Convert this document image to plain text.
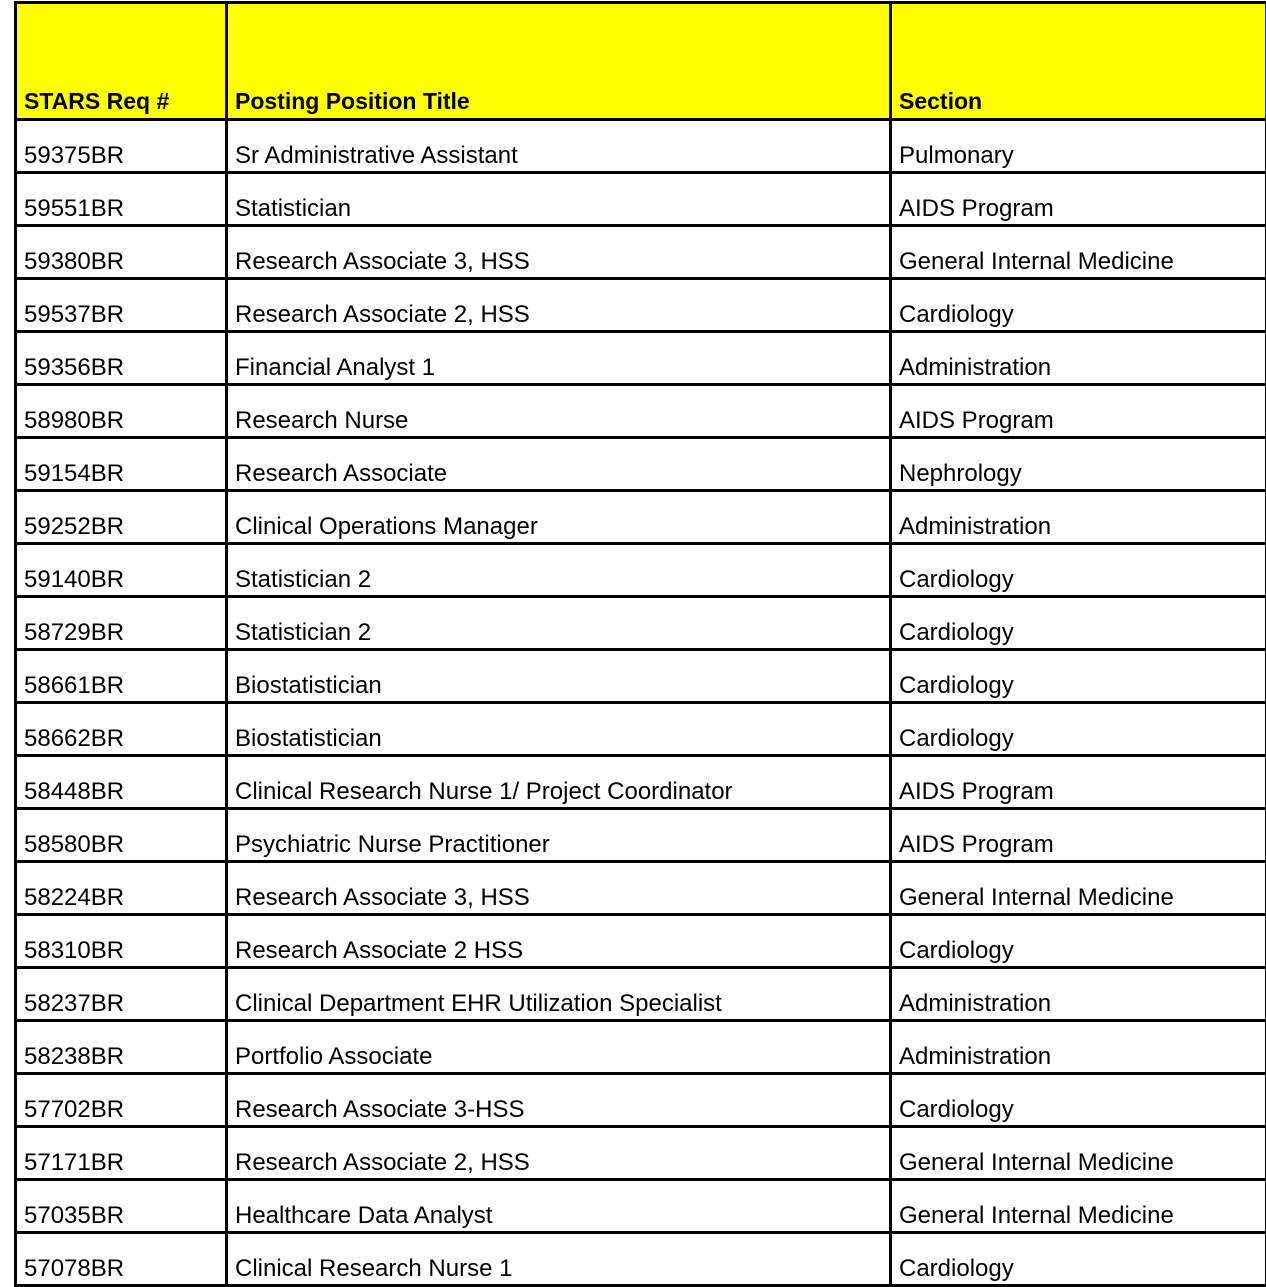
STARS Req #	Posting Position Title	Section
59375BR	Sr Administrative Assistant	Pulmonary
59551BR	Statistician	AIDS Program
59380BR	Research Associate 3, HSS	General Internal Medicine
59537BR	Research Associate 2, HSS	Cardiology
59356BR	Financial Analyst 1	Administration
58980BR	Research Nurse	AIDS Program
59154BR	Research Associate	Nephrology
59252BR	Clinical Operations Manager	Administration
59140BR	Statistician 2	Cardiology
58729BR	Statistician 2	Cardiology
58661BR	Biostatistician	Cardiology
58662BR	Biostatistician	Cardiology
58448BR	Clinical Research Nurse 1/ Project Coordinator	AIDS Program
58580BR	Psychiatric Nurse Practitioner	AIDS Program
58224BR	Research Associate 3, HSS	General Internal Medicine
58310BR	Research Associate 2 HSS	Cardiology
58237BR	Clinical Department EHR Utilization Specialist	Administration
58238BR	Portfolio Associate	Administration
57702BR	Research Associate 3-HSS	Cardiology
57171BR	Research Associate 2, HSS	General Internal Medicine
57035BR	Healthcare Data Analyst	General Internal Medicine
57078BR	Clinical Research Nurse 1	Cardiology
